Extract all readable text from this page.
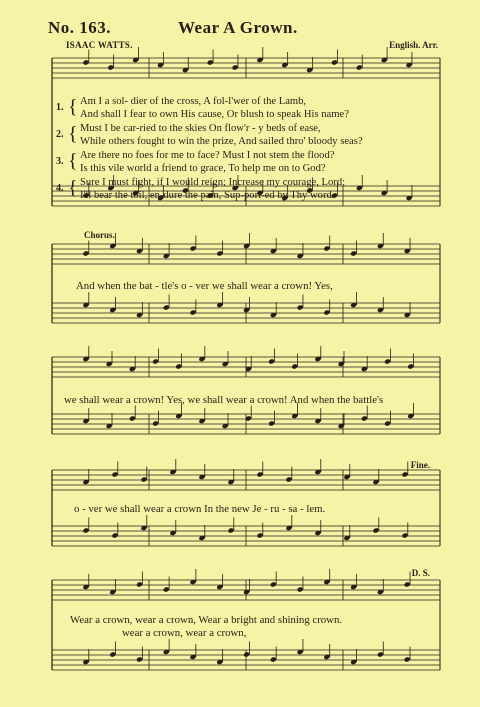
No. 163.	Wear A Grown.
ISAAC WATTS.	English. Arr.
1. { Am I a sol- dier of the cross, A fol-l'wer of the Lamb,
And shall I fear to own His cause, Or blush to speak His name?
2. { Must I be car-ried to the skies On flow'r - y beds of ease,
While others fought to win the prize, And sailed thro' bloody seas?
3. { Are there no foes for me to face? Must I not stem the flood?
Is this vile world a friend to grace, To help me on to God?
4. { Sure I must fight, if I would reign; Increase my courage, Lord;
I'll bear the toil, en-dure the pain, Sup-port-ed by Thy word.
Chorus.
And when the bat - tle's o - ver we shall wear a crown! Yes,
we shall wear a crown! Yes, we shall wear a crown! And when the battle's
Fine.
o - ver we shall wear a crown In the new Je - ru - sa - lem.
D. S.
Wear a crown, wear a crown, Wear a bright and shining crown.
wear a crown, wear a crown,
